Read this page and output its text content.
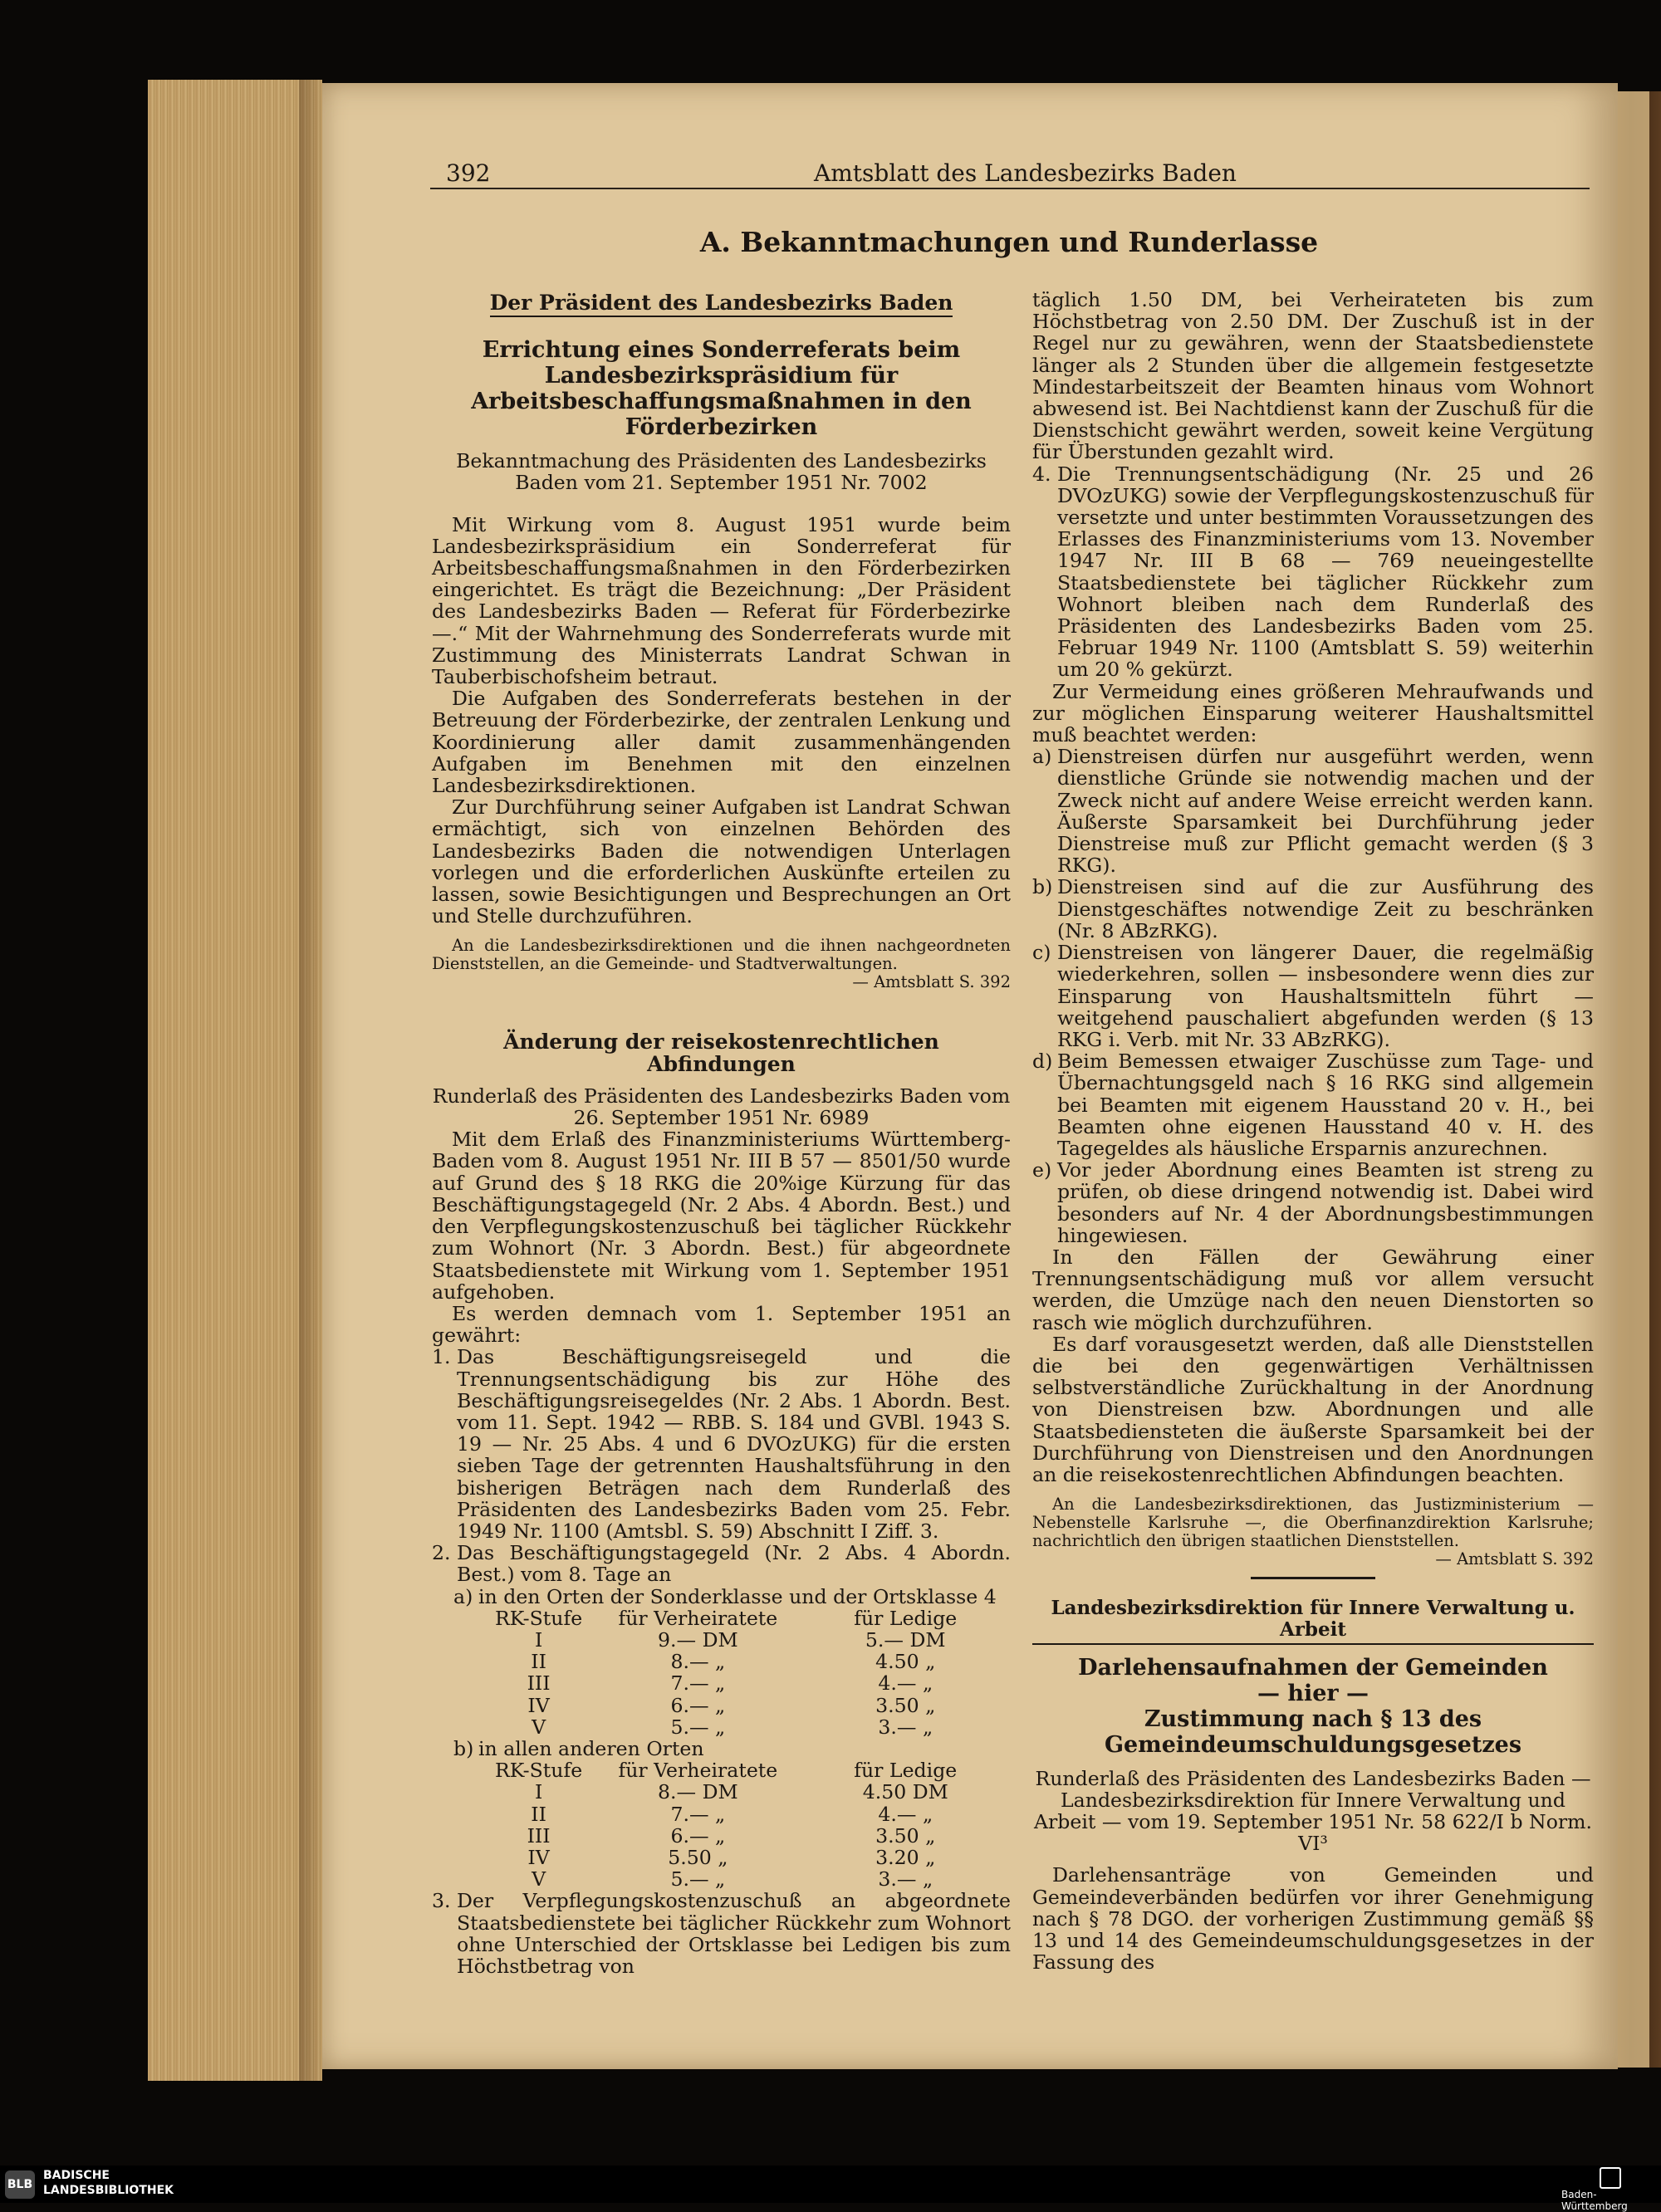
392	Amtsblatt des Landesbezirks Baden
A. Bekanntmachungen und Runderlasse
Der Präsident des Landesbezirks Baden

Errichtung eines Sonderreferats beim Landesbezirkspräsidium für Arbeitsbeschaffungsmaßnahmen in den Förderbezirken

Bekanntmachung des Präsidenten des Landesbezirks Baden vom 21. September 1951 Nr. 7002

Mit Wirkung vom 8. August 1951 wurde beim Landesbezirkspräsidium ein Sonderreferat für Arbeitsbeschaffungsmaßnahmen in den Förderbezirken eingerichtet. Es trägt die Bezeichnung: „Der Präsident des Landesbezirks Baden — Referat für Förderbezirke —.“ Mit der Wahrnehmung des Sonderreferats wurde mit Zustimmung des Ministerrats Landrat Schwan in Tauberbischofsheim betraut.

Die Aufgaben des Sonderreferats bestehen in der Betreuung der Förderbezirke, der zentralen Lenkung und Koordinierung aller damit zusammenhängenden Aufgaben im Benehmen mit den einzelnen Landesbezirksdirektionen.

Zur Durchführung seiner Aufgaben ist Landrat Schwan ermächtigt, sich von einzelnen Behörden des Landesbezirks Baden die notwendigen Unterlagen vorlegen und die erforderlichen Auskünfte erteilen zu lassen, sowie Besichtigungen und Besprechungen an Ort und Stelle durchzuführen.

An die Landesbezirksdirektionen und die ihnen nachgeordneten Dienststellen, an die Gemeinde- und Stadtverwaltungen.

— Amtsblatt S. 392

Änderung der reisekostenrechtlichen Abfindungen

Runderlaß des Präsidenten des Landesbezirks Baden vom 26. September 1951 Nr. 6989

Mit dem Erlaß des Finanzministeriums Württemberg-Baden vom 8. August 1951 Nr. III B 57 — 8501/50 wurde auf Grund des § 18 RKG die 20%ige Kürzung für das Beschäftigungstagegeld (Nr. 2 Abs. 4 Abordn. Best.) und den Verpflegungskostenzuschuß bei täglicher Rückkehr zum Wohnort (Nr. 3 Abordn. Best.) für abgeordnete Staatsbedienstete mit Wirkung vom 1. September 1951 aufgehoben.

Es werden demnach vom 1. September 1951 an gewährt:

1. Das Beschäftigungsreisegeld und die Trennungsentschädigung bis zur Höhe des Beschäftigungsreisegeldes (Nr. 2 Abs. 1 Abordn. Best. vom 11. Sept. 1942 — RBB. S. 184 und GVBl. 1943 S. 19 — Nr. 25 Abs. 4 und 6 DVOzUKG) für die ersten sieben Tage der getrennten Haushaltsführung in den bisherigen Beträgen nach dem Runderlaß des Präsidenten des Landesbezirks Baden vom 25. Febr. 1949 Nr. 1100 (Amtsbl. S. 59) Abschnitt I Ziff. 3.
2. Das Beschäftigungstagegeld (Nr. 2 Abs. 4 Abordn. Best.) vom 8. Tage an
a) in den Orten der Sonderklasse und der Ortsklasse 4
RK-Stufe	für Verheiratete	für Ledige
I	9.— DM	5.— DM
II	8.— „	4.50 „
III	7.— „	4.— „
IV	6.— „	3.50 „
V	5.— „	3.— „
b) in allen anderen Orten
RK-Stufe	für Verheiratete	für Ledige
I	8.— DM	4.50 DM
II	7.— „	4.— „
III	6.— „	3.50 „
IV	5.50 „	3.20 „
V	5.— „	3.— „
3. Der Verpflegungskostenzuschuß an abgeordnete Staatsbedienstete bei täglicher Rückkehr zum Wohnort ohne Unterschied der Ortsklasse bei Ledigen bis zum Höchstbetrag von

täglich 1.50 DM, bei Verheirateten bis zum Höchstbetrag von 2.50 DM. Der Zuschuß ist in der Regel nur zu gewähren, wenn der Staatsbedienstete länger als 2 Stunden über die allgemein festgesetzte Mindestarbeitszeit der Beamten hinaus vom Wohnort abwesend ist. Bei Nachtdienst kann der Zuschuß für die Dienstschicht gewährt werden, soweit keine Vergütung für Überstunden gezahlt wird.

4. Die Trennungsentschädigung (Nr. 25 und 26 DVOzUKG) sowie der Verpflegungskostenzuschuß für versetzte und unter bestimmten Voraussetzungen des Erlasses des Finanzministeriums vom 13. November 1947 Nr. III B 68 — 769 neueingestellte Staatsbedienstete bei täglicher Rückkehr zum Wohnort bleiben nach dem Runderlaß des Präsidenten des Landesbezirks Baden vom 25. Februar 1949 Nr. 1100 (Amtsblatt S. 59) weiterhin um 20 % gekürzt.

Zur Vermeidung eines größeren Mehraufwands und zur möglichen Einsparung weiterer Haushaltsmittel muß beachtet werden:

a) Dienstreisen dürfen nur ausgeführt werden, wenn dienstliche Gründe sie notwendig machen und der Zweck nicht auf andere Weise erreicht werden kann. Äußerste Sparsamkeit bei Durchführung jeder Dienstreise muß zur Pflicht gemacht werden (§ 3 RKG).
b) Dienstreisen sind auf die zur Ausführung des Dienstgeschäftes notwendige Zeit zu beschränken (Nr. 8 ABzRKG).
c) Dienstreisen von längerer Dauer, die regelmäßig wiederkehren, sollen — insbesondere wenn dies zur Einsparung von Haushaltsmitteln führt — weitgehend pauschaliert abgefunden werden (§ 13 RKG i. Verb. mit Nr. 33 ABzRKG).
d) Beim Bemessen etwaiger Zuschüsse zum Tage- und Übernachtungsgeld nach § 16 RKG sind allgemein bei Beamten mit eigenem Hausstand 20 v. H., bei Beamten ohne eigenen Hausstand 40 v. H. des Tagegeldes als häusliche Ersparnis anzurechnen.
e) Vor jeder Abordnung eines Beamten ist streng zu prüfen, ob diese dringend notwendig ist. Dabei wird besonders auf Nr. 4 der Abordnungsbestimmungen hingewiesen.

In den Fällen der Gewährung einer Trennungsentschädigung muß vor allem versucht werden, die Umzüge nach den neuen Dienstorten so rasch wie möglich durchzuführen.

Es darf vorausgesetzt werden, daß alle Dienststellen die bei den gegenwärtigen Verhältnissen selbstverständliche Zurückhaltung in der Anordnung von Dienstreisen bzw. Abordnungen und alle Staatsbediensteten die äußerste Sparsamkeit bei der Durchführung von Dienstreisen und den Anordnungen an die reisekostenrechtlichen Abfindungen beachten.

An die Landesbezirksdirektionen, das Justizministerium — Nebenstelle Karlsruhe —, die Oberfinanzdirektion Karlsruhe; nachrichtlich den übrigen staatlichen Dienststellen.

— Amtsblatt S. 392

Landesbezirksdirektion für Innere Verwaltung u. Arbeit

Darlehensaufnahmen der Gemeinden

— hier —

Zustimmung nach § 13 des Gemeindeumschuldungsgesetzes

Runderlaß des Präsidenten des Landesbezirks Baden — Landesbezirksdirektion für Innere Verwaltung und Arbeit — vom 19. September 1951 Nr. 58 622/I b Norm. VI³

Darlehensanträge von Gemeinden und Gemeindeverbänden bedürfen vor ihrer Genehmigung nach § 78 DGO. der vorherigen Zustimmung gemäß §§ 13 und 14 des Gemeindeumschuldungsgesetzes in der Fassung des

BLB
BADISCHE
LANDESBIBLIOTHEK	Baden-Württemberg
